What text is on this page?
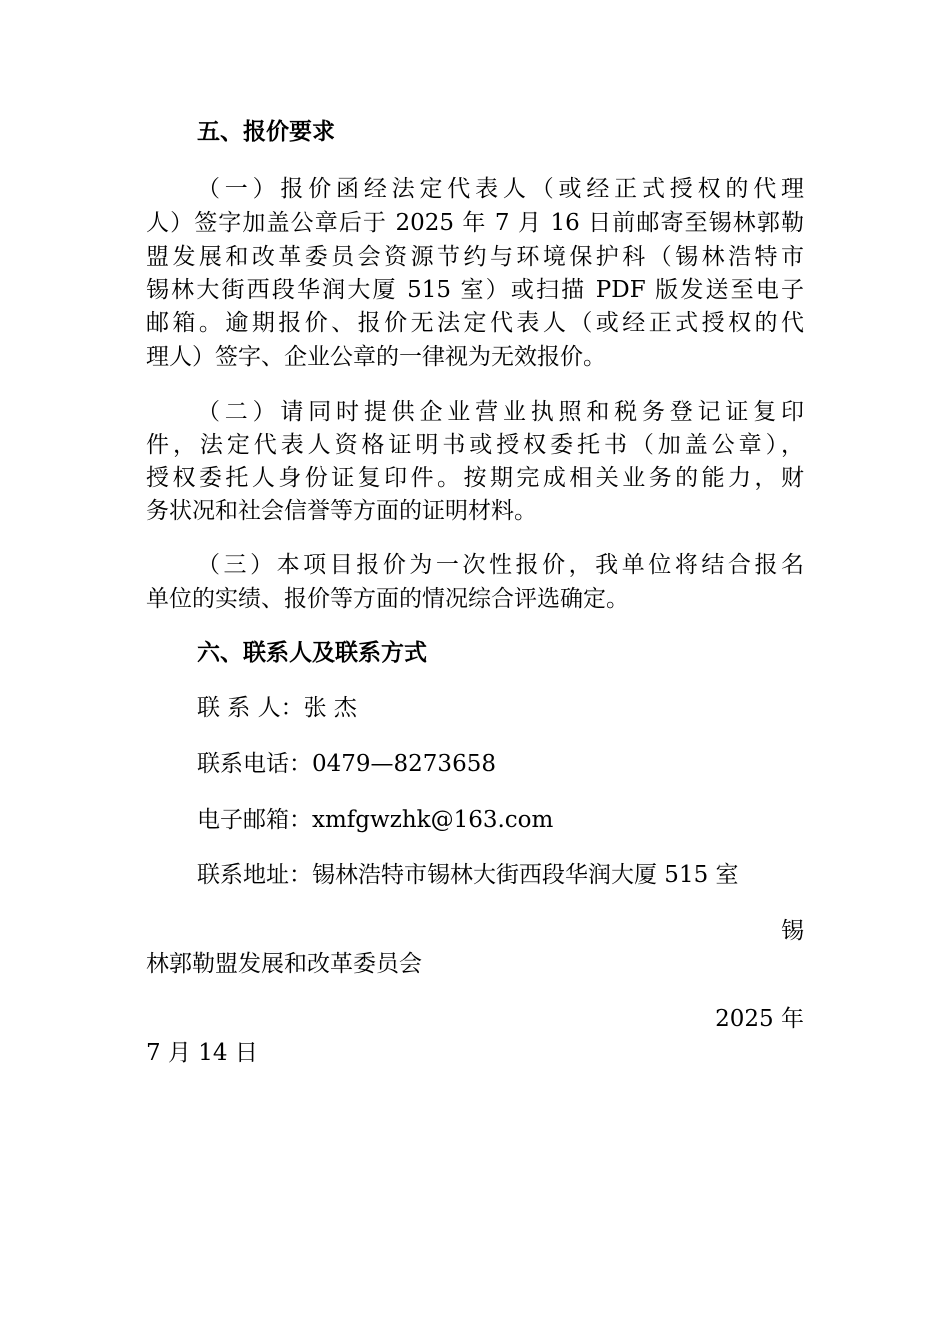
五、报价要求
（一）报价函经法定代表人（或经正式授权的代理
人）签字加盖公章后于 2025 年 7 月 16 日前邮寄至锡林郭勒
盟发展和改革委员会资源节约与环境保护科（锡林浩特市
锡林大街西段华润大厦 515 室）或扫描 PDF 版发送至电子
邮箱。逾期报价、报价无法定代表人（或经正式授权的代
理人）签字、企业公章的一律视为无效报价。
（二）请同时提供企业营业执照和税务登记证复印
件，法定代表人资格证明书或授权委托书（加盖公章），
授权委托人身份证复印件。按期完成相关业务的能力，财
务状况和社会信誉等方面的证明材料。
（三）本项目报价为一次性报价，我单位将结合报名
单位的实绩、报价等方面的情况综合评选确定。
六、联系人及联系方式
联 系 人：张 杰
联系电话：0479—8273658
电子邮箱：xmfgwzhk@163.com
联系地址：锡林浩特市锡林大街西段华润大厦 515 室
锡
林郭勒盟发展和改革委员会
2025 年
7 月 14 日
